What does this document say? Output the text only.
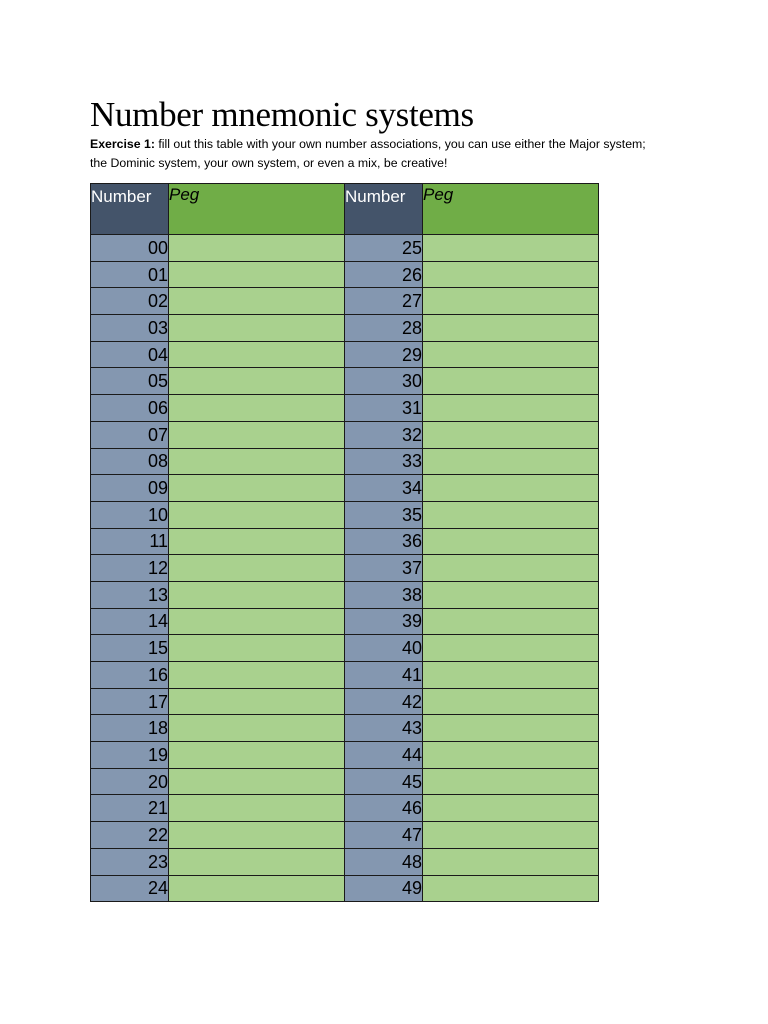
Number mnemonic systems

Exercise 1: fill out this table with your own number associations, you can use either the Major system;
the Dominic system, your own system, or even a mix, be creative!

Number	Peg	Number	Peg
00		25	
01		26	
02		27	
03		28	
04		29	
05		30	
06		31	
07		32	
08		33	
09		34	
10		35	
11		36	
12		37	
13		38	
14		39	
15		40	
16		41	
17		42	
18		43	
19		44	
20		45	
21		46	
22		47	
23		48	
24		49	
